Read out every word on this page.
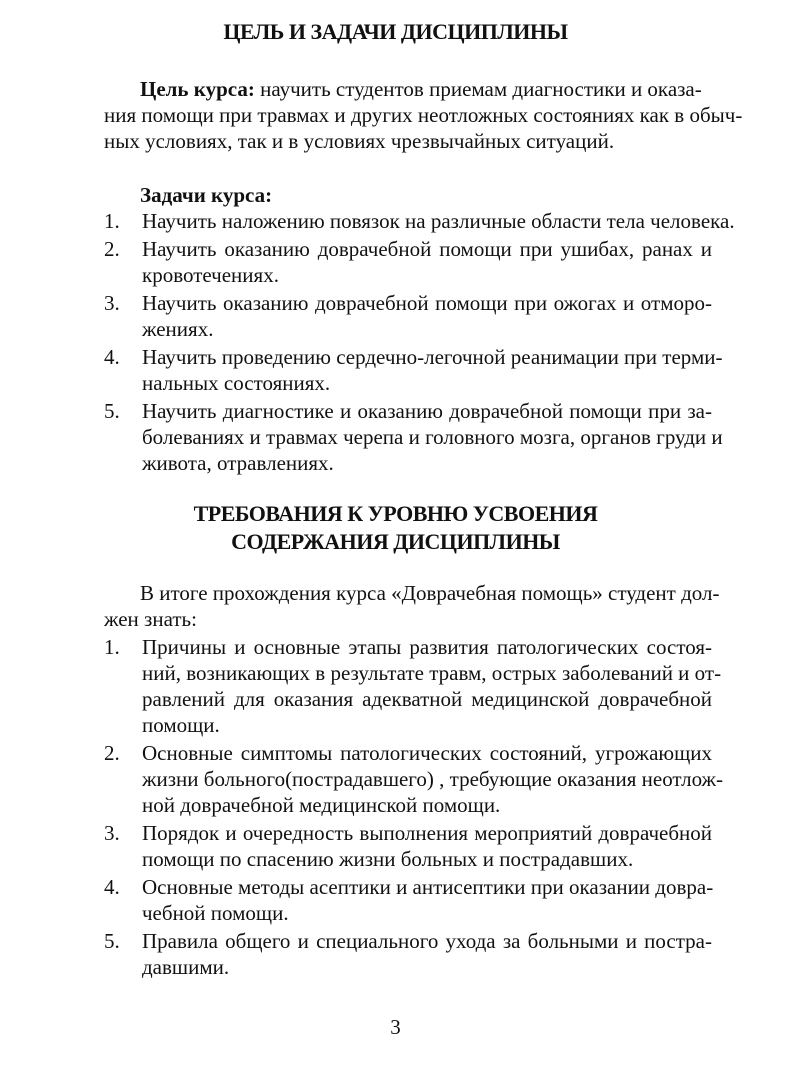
ЦЕЛЬ И ЗАДАЧИ ДИСЦИПЛИНЫ
Цель курса: научить студентов приемам диагностики и оказа-
ния помощи при травмах и других неотложных состояниях как в обыч-
ных условиях, так и в условиях чрезвычайных ситуаций.
Задачи курса:
1. Научить наложению повязок на различные области тела человека.
2. Научить оказанию доврачебной помощи при ушибах, ранах и
кровотечениях.
3. Научить оказанию доврачебной помощи при ожогах и отморо-
жениях.
4. Научить проведению сердечно-легочной реанимации при терми-
нальных состояниях.
5. Научить диагностике и оказанию доврачебной помощи при за-
болеваниях и травмах черепа и головного мозга, органов груди и
живота, отравлениях.
ТРЕБОВАНИЯ К УРОВНЮ УСВОЕНИЯ
СОДЕРЖАНИЯ ДИСЦИПЛИНЫ
В итоге прохождения курса «Доврачебная помощь» студент дол-
жен знать:
1. Причины и основные этапы развития патологических состоя-
ний, возникающих в результате травм, острых заболеваний и от-
равлений для оказания адекватной медицинской доврачебной
помощи.
2. Основные симптомы патологических состояний, угрожающих
жизни больного(пострадавшего) , требующие оказания неотлож-
ной доврачебной медицинской помощи.
3. Порядок и очередность выполнения мероприятий доврачебной
помощи по спасению жизни больных и пострадавших.
4. Основные методы асептики и антисептики при оказании довра-
чебной помощи.
5. Правила общего и специального ухода за больными и постра-
давшими.
3
